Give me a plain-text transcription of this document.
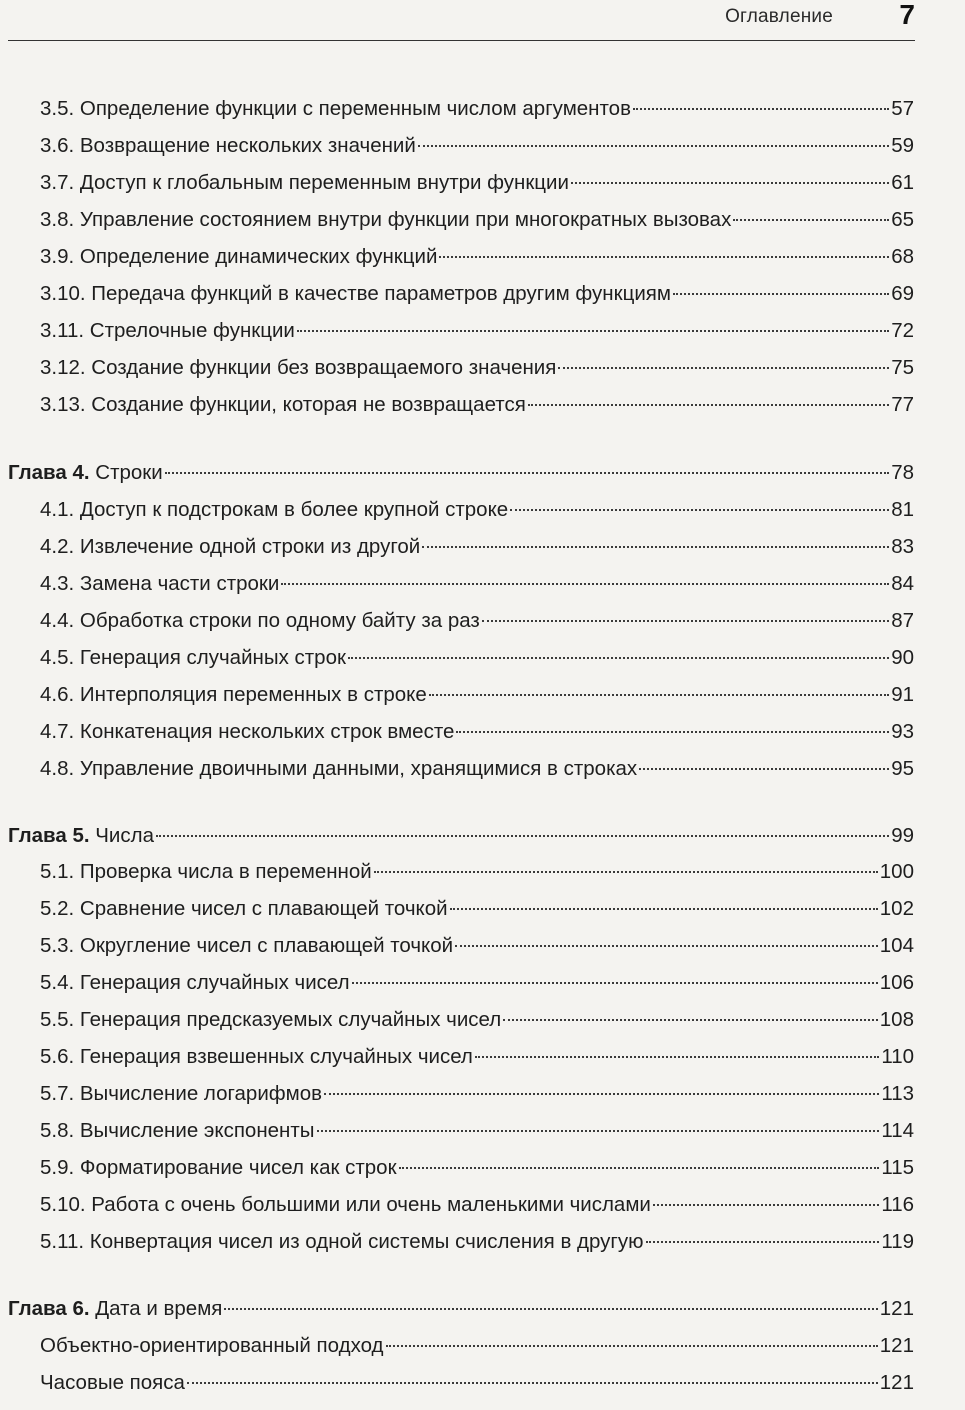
Оглавление 7
3.5. Определение функции с переменным числом аргументов	57
3.6. Возвращение нескольких значений	59
3.7. Доступ к глобальным переменным внутри функции	61
3.8. Управление состоянием внутри функции при многократных вызовах	65
3.9. Определение динамических функций	68
3.10. Передача функций в качестве параметров другим функциям	69
3.11. Стрелочные функции	72
3.12. Создание функции без возвращаемого значения	75
3.13. Создание функции, которая не возвращается	77
Глава 4. Строки	78
4.1. Доступ к подстрокам в более крупной строке	81
4.2. Извлечение одной строки из другой	83
4.3. Замена части строки	84
4.4. Обработка строки по одному байту за раз	87
4.5. Генерация случайных строк	90
4.6. Интерполяция переменных в строке	91
4.7. Конкатенация нескольких строк вместе	93
4.8. Управление двоичными данными, хранящимися в строках	95
Глава 5. Числа	99
5.1. Проверка числа в переменной	100
5.2. Сравнение чисел с плавающей точкой	102
5.3. Округление чисел с плавающей точкой	104
5.4. Генерация случайных чисел	106
5.5. Генерация предсказуемых случайных чисел	108
5.6. Генерация взвешенных случайных чисел	110
5.7. Вычисление логарифмов	113
5.8. Вычисление экспоненты	114
5.9. Форматирование чисел как строк	115
5.10. Работа с очень большими или очень маленькими числами	116
5.11. Конвертация чисел из одной системы счисления в другую	119
Глава 6. Дата и время	121
Объектно-ориентированный подход	121
Часовые пояса	121
